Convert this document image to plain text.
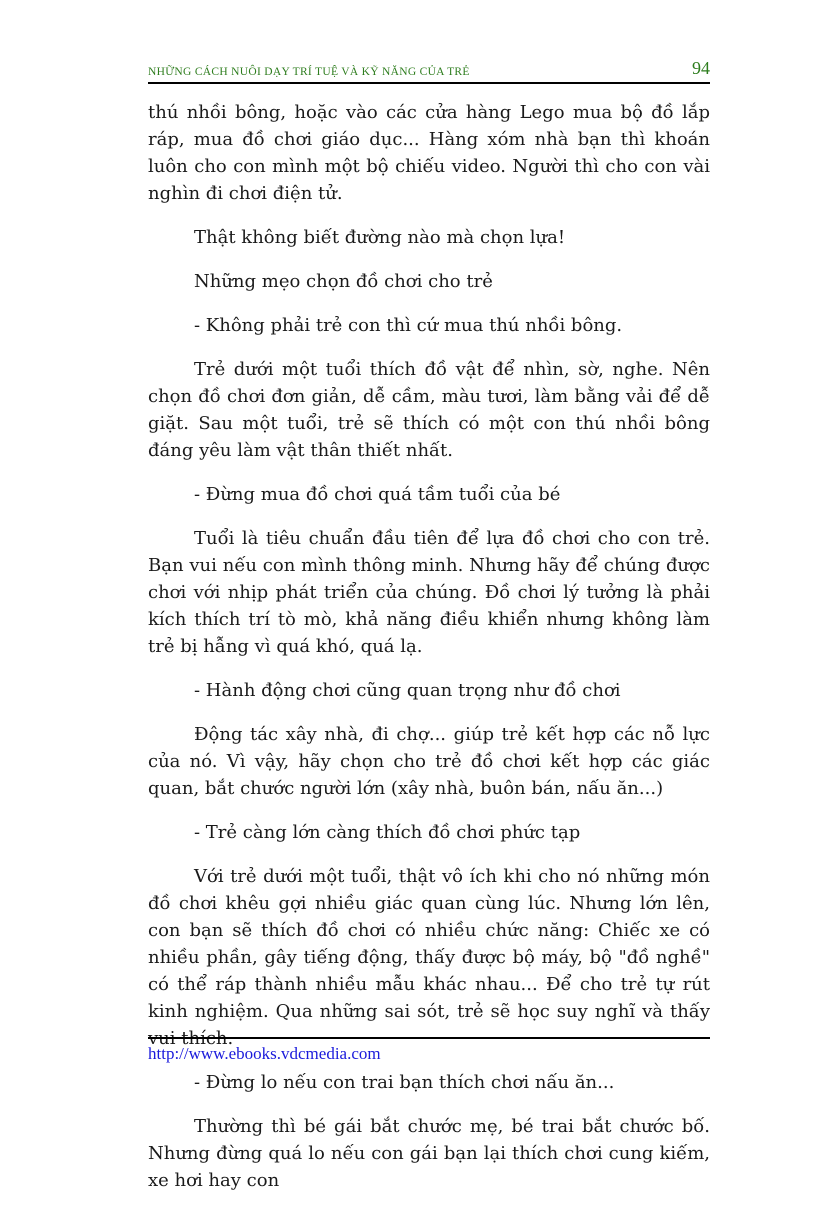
NHỮNG CÁCH NUÔI DẠY TRÍ TUỆ VÀ KỸ NĂNG CỦA TRẺ	94

thú nhồi bông, hoặc vào các cửa hàng Lego mua bộ đồ lắp ráp, mua đồ chơi giáo dục... Hàng xóm nhà bạn thì khoán luôn cho con mình một bộ chiếu video. Người thì cho con vài nghìn đi chơi điện tử.

Thật không biết đường nào mà chọn lựa!

Những mẹo chọn đồ chơi cho trẻ

- Không phải trẻ con thì cứ mua thú nhồi bông.

Trẻ dưới một tuổi thích đồ vật để nhìn, sờ, nghe. Nên chọn đồ chơi đơn giản, dễ cầm, màu tươi, làm bằng vải để dễ giặt. Sau một tuổi, trẻ sẽ thích có một con thú nhồi bông đáng yêu làm vật thân thiết nhất.

- Đừng mua đồ chơi quá tầm tuổi của bé

Tuổi là tiêu chuẩn đầu tiên để lựa đồ chơi cho con trẻ. Bạn vui nếu con mình thông minh. Nhưng hãy để chúng được chơi với nhịp phát triển của chúng. Đồ chơi lý tưởng là phải kích thích trí tò mò, khả năng điều khiển nhưng không làm trẻ bị hẫng vì quá khó, quá lạ.

- Hành động chơi cũng quan trọng như đồ chơi

Động tác xây nhà, đi chợ... giúp trẻ kết hợp các nỗ lực của nó. Vì vậy, hãy chọn cho trẻ đồ chơi kết hợp các giác quan, bắt chước người lớn (xây nhà, buôn bán, nấu ăn...)

- Trẻ càng lớn càng thích đồ chơi phức tạp

Với trẻ dưới một tuổi, thật vô ích khi cho nó những món đồ chơi khêu gợi nhiều giác quan cùng lúc. Nhưng lớn lên, con bạn sẽ thích đồ chơi có nhiều chức năng: Chiếc xe có nhiều phần, gây tiếng động, thấy được bộ máy, bộ "đồ nghề" có thể ráp thành nhiều mẫu khác nhau... Để cho trẻ tự rút kinh nghiệm. Qua những sai sót, trẻ sẽ học suy nghĩ và thấy vui thích.

- Đừng lo nếu con trai bạn thích chơi nấu ăn...

Thường thì bé gái bắt chước mẹ, bé trai bắt chước bố. Nhưng đừng quá lo nếu con gái bạn lại thích chơi cung kiếm, xe hơi hay con

http://www.ebooks.vdcmedia.com
